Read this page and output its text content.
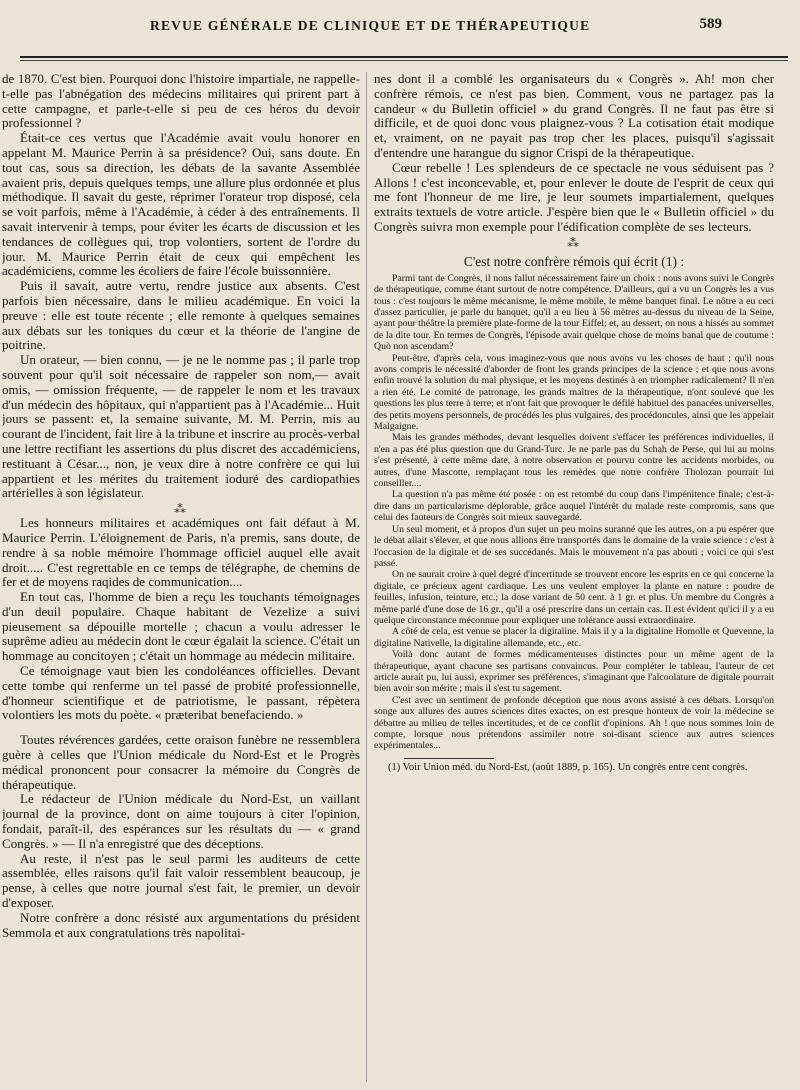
REVUE GÉNÉRALE DE CLINIQUE ET DE THÉRAPEUTIQUE	589

de 1870. C'est bien. Pourquoi donc l'histoire impartiale, ne rappelle-t-elle pas l'abnégation des médecins militaires qui prirent part à cette campagne, et parle-t-elle si peu de ces héros du devoir professionnel ?

Était-ce ces vertus que l'Académie avait voulu honorer en appelant M. Maurice Perrin à sa présidence? Oui, sans doute. En tout cas, sous sa direction, les débats de la savante Assemblée avaient pris, depuis quelques temps, une allure plus ordonnée et plus méthodique. Il savait du geste, réprimer l'orateur trop disposé, cela se voit parfois, même à l'Académie, à céder à des entraînements. Il savait intervenir à temps, pour éviter les écarts de discussion et les tendances de collègues qui, trop volontiers, sortent de l'ordre du jour. M. Maurice Perrin était de ceux qui empêchent les académiciens, comme les écoliers de faire l'école buissonnière.

Puis il savait, autre vertu, rendre justice aux absents. C'est parfois bien nécessaire, dans le milieu académique. En voici la preuve : elle est toute récente ; elle remonte à quelques semaines aux débats sur les toniques du cœur et la théorie de l'angine de poitrine.

Un orateur, — bien connu, — je ne le nomme pas ; il parle trop souvent pour qu'il soit nécessaire de rappeler son nom,— avait omis, — omission fréquente, — de rappeler le nom et les travaux d'un médecin des hôpitaux, qui n'appartient pas à l'Académie... Huit jours se passent: et, la semaine suivante, M. M. Perrin, mis au courant de l'incident, fait lire à la tribune et inscrire au procès-verbal une lettre rectifiant les assertions du plus discret des accadémiciens, restituant à César..., non, je veux dire à notre confrère ce qui lui appartient et les mérites du traitement ioduré des cardiopathies artérielles à son législateur.

⁂

Les honneurs militaires et académiques ont fait défaut à M. Maurice Perrin. L'éloignement de Paris, n'a premis, sans doute, de rendre à sa noble mémoire l'hommage officiel auquel elle avait droit..... C'est regrettable en ce temps de télégraphe, de chemins de fer et de moyens raqides de communication....

En tout cas, l'homme de bien a reçu les touchants témoignages d'un deuil populaire. Chaque habitant de Vezelize a suivi pieusement sa dépouille mortelle ; chacun a voulu adresser le suprême adieu au médecin dont le cœur égalait la science. C'était un hommage au concitoyen ; c'était un hommage au médecin militaire.

Ce témoignage vaut bien les condoléances officielles. Devant cette tombe qui renferme un tel passé de probité professionnelle, d'honneur scientifique et de patriotisme, le passant, répètera volontiers les mots du poète. « præteribat benefaciendo. »

Toutes révérences gardées, cette oraison funèbre ne ressemblera guère à celles que l'Union médicale du Nord-Est et le Progrès médical prononcent pour consacrer la mémoire du Congrès de thérapeutique.

Le rédacteur de l'Union médicale du Nord-Est, un vaillant journal de la province, dont on aime toujours à citer l'opinion, fondait, paraît-il, des espérances sur les résultats du — « grand Congrès. » — Il n'a enregistré que des déceptions.

Au reste, il n'est pas le seul parmi les auditeurs de cette assemblée, elles raisons qu'il fait valoir ressemblent beaucoup, je pense, à celles que notre journal s'est fait, le premier, un devoir d'exposer.

Notre confrère a donc résisté aux argumentations du président Semmola et aux congratulations très napolitai-

nes dont il a comblé les organisateurs du « Congrès ». Ah! mon cher confrère rémois, ce n'est pas bien. Comment, vous ne partagez pas la candeur « du Bulletin officiel » du grand Congrès. Il ne faut pas être si difficile, et de quoi donc vous plaignez-vous ? La cotisation était modique et, vraiment, on ne payait pas trop cher les places, puisqu'il s'agissait d'entendre une harangue du signor Crispi de la thérapeutique.

Cœur rebelle ! Les splendeurs de ce spectacle ne vous séduisent pas ? Allons ! c'est inconcevable, et, pour enlever le doute de l'esprit de ceux qui me font l'honneur de me lire, je leur soumets impartialement, quelques extraits textuels de votre article. J'espère bien que le « Bulletin officiel » du Congrès suivra mon exemple pour l'édification complète de ses lecteurs.

⁂
C'est notre confrère rémois qui écrit (1) :

Parmi tant de Congrès, il nous fallut nécessairement faire un choix : nous avons suivi le Congrès de thérapeutique, comme étant surtout de notre compétence. D'ailleurs, qui a vu un Congrès les a vus tous : c'est toujours le même mécanisme, le même mobile, le même banquet final. Le nôtre a eu ceci d'assez particulier, je parle du banquet, qu'il a eu lieu à 56 mètres au-dessus du niveau de la Seine, ayant pour théâtre la première plate-forme de la tour Eiffel; et, au dessert, on nous a hissés au sommet de la dite tour. En termes de Congrès, l'épisode avait quelque chose de moins banal que de coutume : Quò non ascendam?

Peut-être, d'après cela, vous imaginez-vous que nous avons vu les choses de haut ; qu'il nous avons compris le nécessité d'aborder de front les grands principes de la science ; et que nous avons enfin trouvé la solution du mal physique, et les moyens destinés à en triompher radicalement? Il n'en a rien été. Le comité de patronage, les grands maîtres de la thérapeutique, n'ont soulevé que les questions les plus terre à terre; et n'ont fait que provoquer le défilé habituel des panacées universelles, des petits moyens personnels, de procédés les plus vulgaires, des procédoncules, ainsi que les appelait Malgaigne.

Mais les grandes méthodes, devant lesquelles doivent s'effacer les préférences individuelles, il n'en a pas été plus question que du Grand-Turc. Je ne parle pas du Schah de Perse, qui lui au moins s'est présenté, à cette même date, à notre observation et pourvu contre les accidents morbides, ou autres, d'une Mascotte, remplaçant tous les remèdes que notre confrère Tholozan pourrait lui conseiller....

La question n'a pas même été posée : on est retombé du coup dans l'impénitence finale; c'est-à-dire dans un particularisme déplorable, grâce auquel l'intérêt du malade reste compromis, sans que celui des fauteurs de Congrès soit mieux sauvegardé.

Un seul moment, et à propos d'un sujet un peu moins suranné que les autres, on a pu espérer que le débat allait s'élever, et que nous allions être transportés dans le domaine de la vraie science : c'est à l'occasion de la digitale et de ses succédanés. Mais le mouvement n'a pas abouti ; voici ce qui s'est passé.

On ne saurait croire à quel degré d'incertitude se trouvent encore les esprits en ce qui concerne la digitale, ce précieux agent cardiaque. Les uns veulent employer la plante en nature : poudre de feuilles, infusion, teinture, etc.; la dose variant de 50 cent. à 1 gr. et plus. Un membre du Congrès a même parlé d'une dose de 16 gr., qu'il a osé prescrire dans un certain cas. Il est évident qu'ici il y a eu quelque circonstance méconnue pour expliquer une tolérance aussi extraordinaire.

A côté de cela, est venue se placer la digitaline. Mais il y a la digitaline Homolle et Quevenne, la digitaline Nativelle, la digitaline allemande, etc., etc.

Voilà donc autant de formes médicamenteuses distinctes pour un même agent de la thérapeutique, ayant chacune ses partisans convaincus. Pour compléter le tableau, l'auteur de cet article aurait pu, lui aussi, exprimer ses préférences, s'imaginant que l'alcoolature de digitale pourrait bien avoir son mérite ; mais il s'est tu sagement.

C'est avec un sentiment de profonde déception que nous avons assisté à ces débats. Lorsqu'on songe aux allures des autres sciences dites exactes, on est presque honteux de voir la médecine se débattre au milieu de telles incertitudes, et de ce conflit d'opinions. Ah ! que nous sommes loin de compte, lorsque nous prétendons assimiler notre soi-disant science aux autres sciences expérimentales...

(1) Voir Union méd. du Nord-Est, (août 1889, p. 165). Un congrès entre cent congrès.
